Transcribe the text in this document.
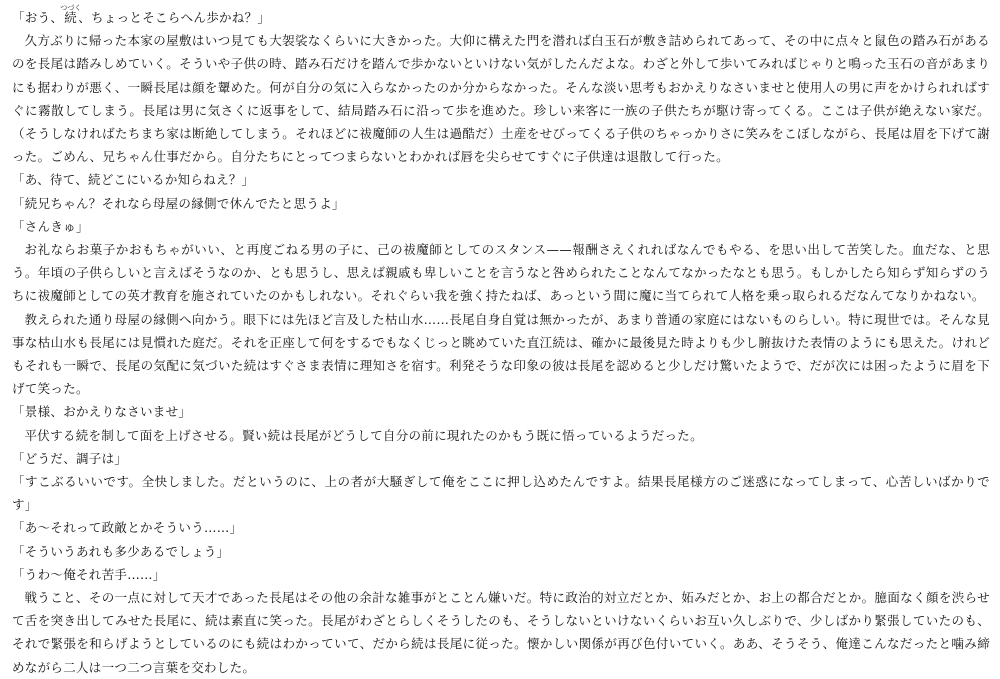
「おう、続つづく、ちょっとそこらへん歩かね？」

久方ぶりに帰った本家の屋敷はいつ見ても大袈裟なくらいに大きかった。大仰に構えた門を潜れば白玉石が敷き詰められてあって、その中に点々と鼠色の踏み石があるのを長尾は踏みしめていく。そういや子供の時、踏み石だけを踏んで歩かないといけない気がしたんだよな。わざと外して歩いてみればじゃりと鳴った玉石の音があまりにも据わりが悪く、一瞬長尾は顔を顰めた。何が自分の気に入らなかったのか分からなかった。そんな淡い思考もおかえりなさいませと使用人の男に声をかけられればすぐに霧散してしまう。長尾は男に気さくに返事をして、結局踏み石に沿って歩を進めた。珍しい来客に一族の子供たちが駆け寄ってくる。ここは子供が絶えない家だ。（そうしなければたちまち家は断絶してしまう。それほどに祓魔師の人生は過酷だ）土産をせびってくる子供のちゃっかりさに笑みをこぼしながら、長尾は眉を下げて謝った。ごめん、兄ちゃん仕事だから。自分たちにとってつまらないとわかれば唇を尖らせてすぐに子供達は退散して行った。

「あ、待て、続どこにいるか知らねえ？」

「続兄ちゃん？それなら母屋の縁側で休んでたと思うよ」

「さんきゅ」

お礼ならお菓子かおもちゃがいい、と再度ごねる男の子に、己の祓魔師としてのスタンス——報酬さえくれればなんでもやる、を思い出して苦笑した。血だな、と思う。年頃の子供らしいと言えばそうなのか、とも思うし、思えば親戚も卑しいことを言うなと咎められたことなんてなかったなとも思う。もしかしたら知らず知らずのうちに祓魔師としての英才教育を施されていたのかもしれない。それぐらい我を強く持たねば、あっという間に魔に当てられて人格を乗っ取られるだなんてなりかねない。

教えられた通り母屋の縁側へ向かう。眼下には先ほど言及した枯山水……長尾自身自覚は無かったが、あまり普通の家庭にはないものらしい。特に現世では。そんな見事な枯山水も長尾には見慣れた庭だ。それを正座して何をするでもなくじっと眺めていた直江続は、確かに最後見た時よりも少し腑抜けた表情のようにも思えた。けれどもそれも一瞬で、長尾の気配に気づいた続はすぐさま表情に理知さを宿す。利発そうな印象の彼は長尾を認めると少しだけ驚いたようで、だが次には困ったように眉を下げて笑った。

「景様、おかえりなさいませ」

平伏する続を制して面を上げさせる。賢い続は長尾がどうして自分の前に現れたのかもう既に悟っているようだった。

「どうだ、調子は」

「すこぶるいいです。全快しました。だというのに、上の者が大騒ぎして俺をここに押し込めたんですよ。結果長尾様方のご迷惑になってしまって、心苦しいばかりです」

「あ〜それって政敵とかそういう……」

「そういうあれも多少あるでしょう」

「うわ〜俺それ苦手……」

戦うこと、その一点に対して天才であった長尾はその他の余計な雑事がとことん嫌いだ。特に政治的対立だとか、妬みだとか、お上の都合だとか。臆面なく顔を渋らせて舌を突き出してみせた長尾に、続は素直に笑った。長尾がわざとらしくそうしたのも、そうしないといけないくらいお互い久しぶりで、少しばかり緊張していたのも、それで緊張を和らげようとしているのにも続はわかっていて、だから続は長尾に従った。懐かしい関係が再び色付いていく。ああ、そうそう、俺達こんなだったと噛み締めながら二人は一つ二つ言葉を交わした。
